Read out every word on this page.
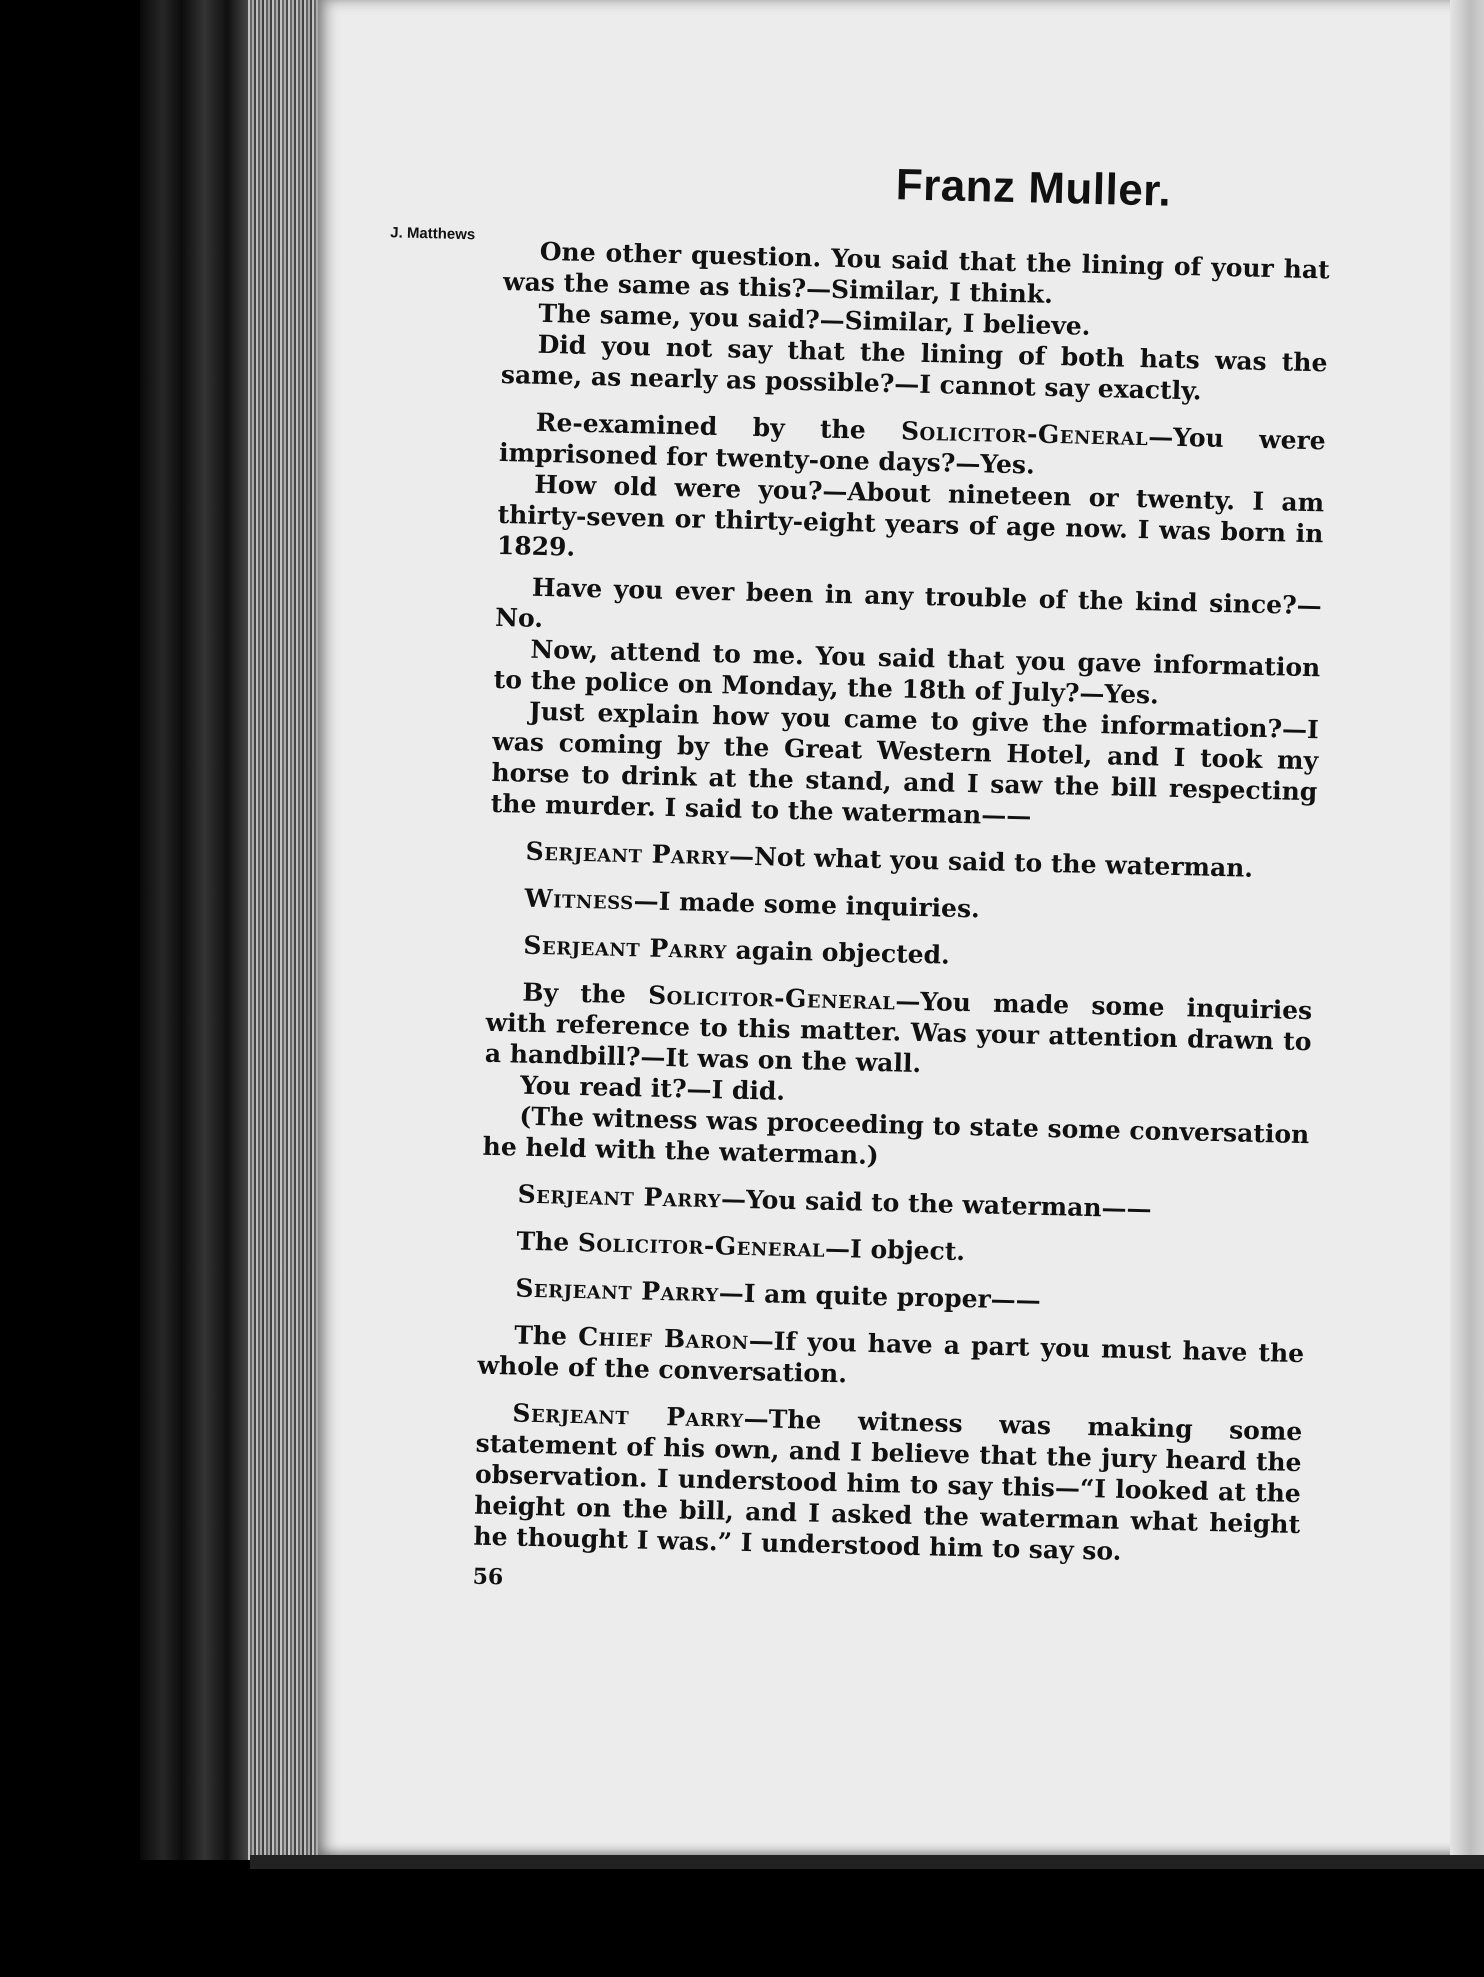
Franz Muller.
J. Matthews

One other question. You said that the lining of your hat was the same as this?—Similar, I think.

The same, you said?—Similar, I believe.

Did you not say that the lining of both hats was the same, as nearly as possible?—I cannot say exactly.

Re-examined by the Solicitor-General—You were imprisoned for twenty-one days?—Yes.

How old were you?—About nineteen or twenty. I am thirty-seven or thirty-eight years of age now. I was born in 1829.

Have you ever been in any trouble of the kind since?—No.

Now, attend to me. You said that you gave information to the police on Monday, the 18th of July?—Yes.

Just explain how you came to give the information?—I was coming by the Great Western Hotel, and I took my horse to drink at the stand, and I saw the bill respecting the murder. I said to the waterman——

Serjeant Parry—Not what you said to the waterman.

Witness—I made some inquiries.

Serjeant Parry again objected.

By the Solicitor-General—You made some inquiries with reference to this matter. Was your attention drawn to a handbill?—It was on the wall.

You read it?—I did.

(The witness was proceeding to state some conversation he held with the waterman.)

Serjeant Parry—You said to the waterman——

The Solicitor-General—I object.

Serjeant Parry—I am quite proper——

The Chief Baron—If you have a part you must have the whole of the conversation.

Serjeant Parry—The witness was making some statement of his own, and I believe that the jury heard the observation. I understood him to say this—“I looked at the height on the bill, and I asked the waterman what height he thought I was.” I understood him to say so.

56
